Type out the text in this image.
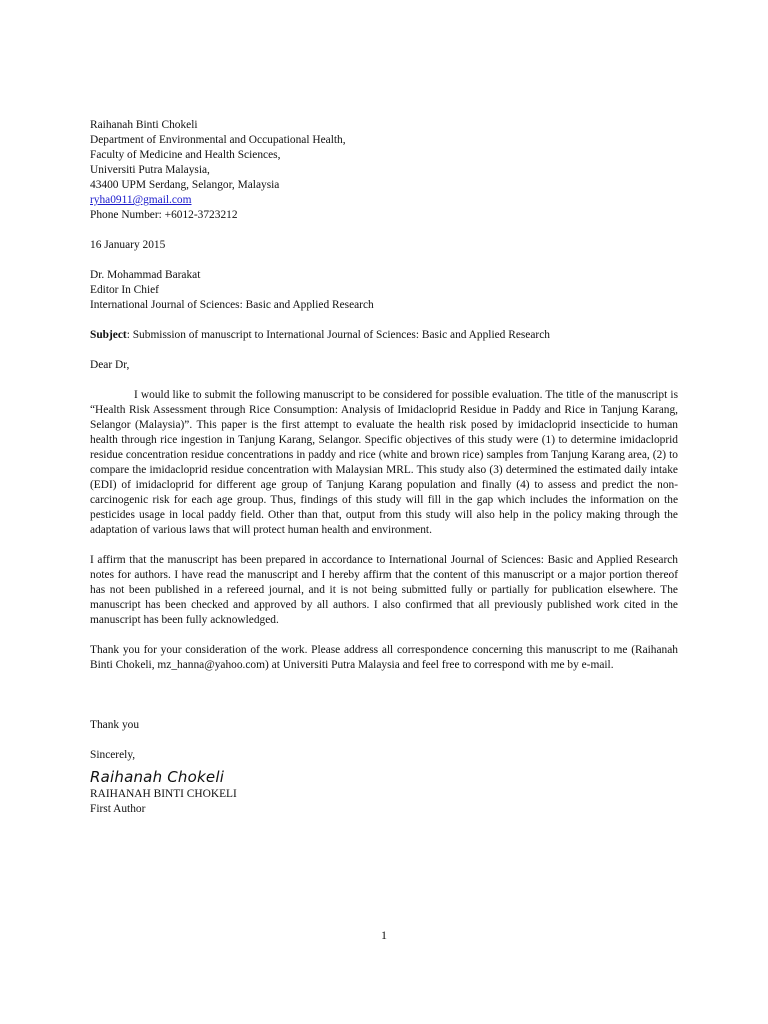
Raihanah Binti Chokeli
Department of Environmental and Occupational Health,
Faculty of Medicine and Health Sciences,
Universiti Putra Malaysia,
43400 UPM Serdang, Selangor, Malaysia
ryha0911@gmail.com
Phone Number: +6012-3723212
16 January 2015
Dr. Mohammad Barakat
Editor In Chief
International Journal of Sciences: Basic and Applied Research
Subject: Submission of manuscript to International Journal of Sciences: Basic and Applied Research
Dear Dr,

I would like to submit the following manuscript to be considered for possible evaluation. The title of the manuscript is “Health Risk Assessment through Rice Consumption: Analysis of Imidacloprid Residue in Paddy and Rice in Tanjung Karang, Selangor (Malaysia)”. This paper is the first attempt to evaluate the health risk posed by imidacloprid insecticide to human health through rice ingestion in Tanjung Karang, Selangor. Specific objectives of this study were (1) to determine imidacloprid residue concentration residue concentrations in paddy and rice (white and brown rice) samples from Tanjung Karang area, (2) to compare the imidacloprid residue concentration with Malaysian MRL. This study also (3) determined the estimated daily intake (EDI) of imidacloprid for different age group of Tanjung Karang population and finally (4) to assess and predict the non-carcinogenic risk for each age group. Thus, findings of this study will fill in the gap which includes the information on the pesticides usage in local paddy field. Other than that, output from this study will also help in the policy making through the adaptation of various laws that will protect human health and environment.

I affirm that the manuscript has been prepared in accordance to International Journal of Sciences: Basic and Applied Research notes for authors. I have read the manuscript and I hereby affirm that the content of this manuscript or a major portion thereof has not been published in a refereed journal, and it is not being submitted fully or partially for publication elsewhere. The manuscript has been checked and approved by all authors. I also confirmed that all previously published work cited in the manuscript has been fully acknowledged.

Thank you for your consideration of the work. Please address all correspondence concerning this manuscript to me (Raihanah Binti Chokeli, mz_hanna@yahoo.com) at Universiti Putra Malaysia and feel free to correspond with me by e-mail.

Thank you
Sincerely,
Raihanah Chokeli
RAIHANAH BINTI CHOKELI
First Author
1
